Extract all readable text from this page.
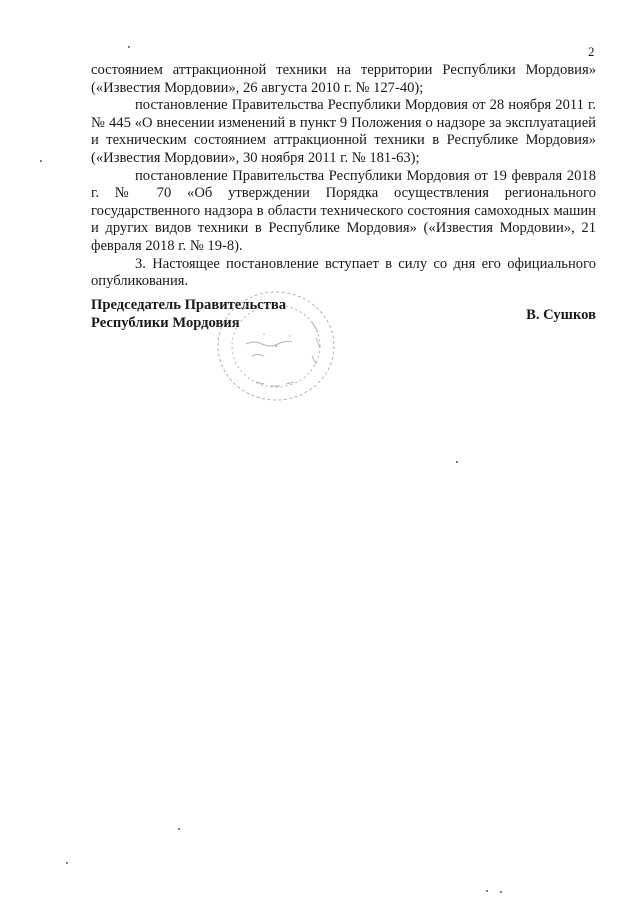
2

состоянием аттракционной техники на территории Республики Мордовия» («Известия Мордовии», 26 августа 2010 г. № 127-40);

постановление Правительства Республики Мордовия от 28 ноября 2011 г. № 445 «О внесении изменений в пункт 9 Положения о надзоре за эксплуатацией и техническим состоянием аттракционной техники в Республике Мордовия» («Известия Мордовии», 30 ноября 2011 г. № 181-63);

постановление Правительства Республики Мордовия от 19 февраля 2018 г. № 70 «Об утверждении Порядка осуществления регионального государственного надзора в области технического состояния самоходных машин и других видов техники в Республике Мордовия» («Известия Мордовии», 21 февраля 2018 г. № 19-8).

3. Настоящее постановление вступает в силу со дня его официального опубликования.

Председатель Правительства
Республики Мордовия	В. Сушков
